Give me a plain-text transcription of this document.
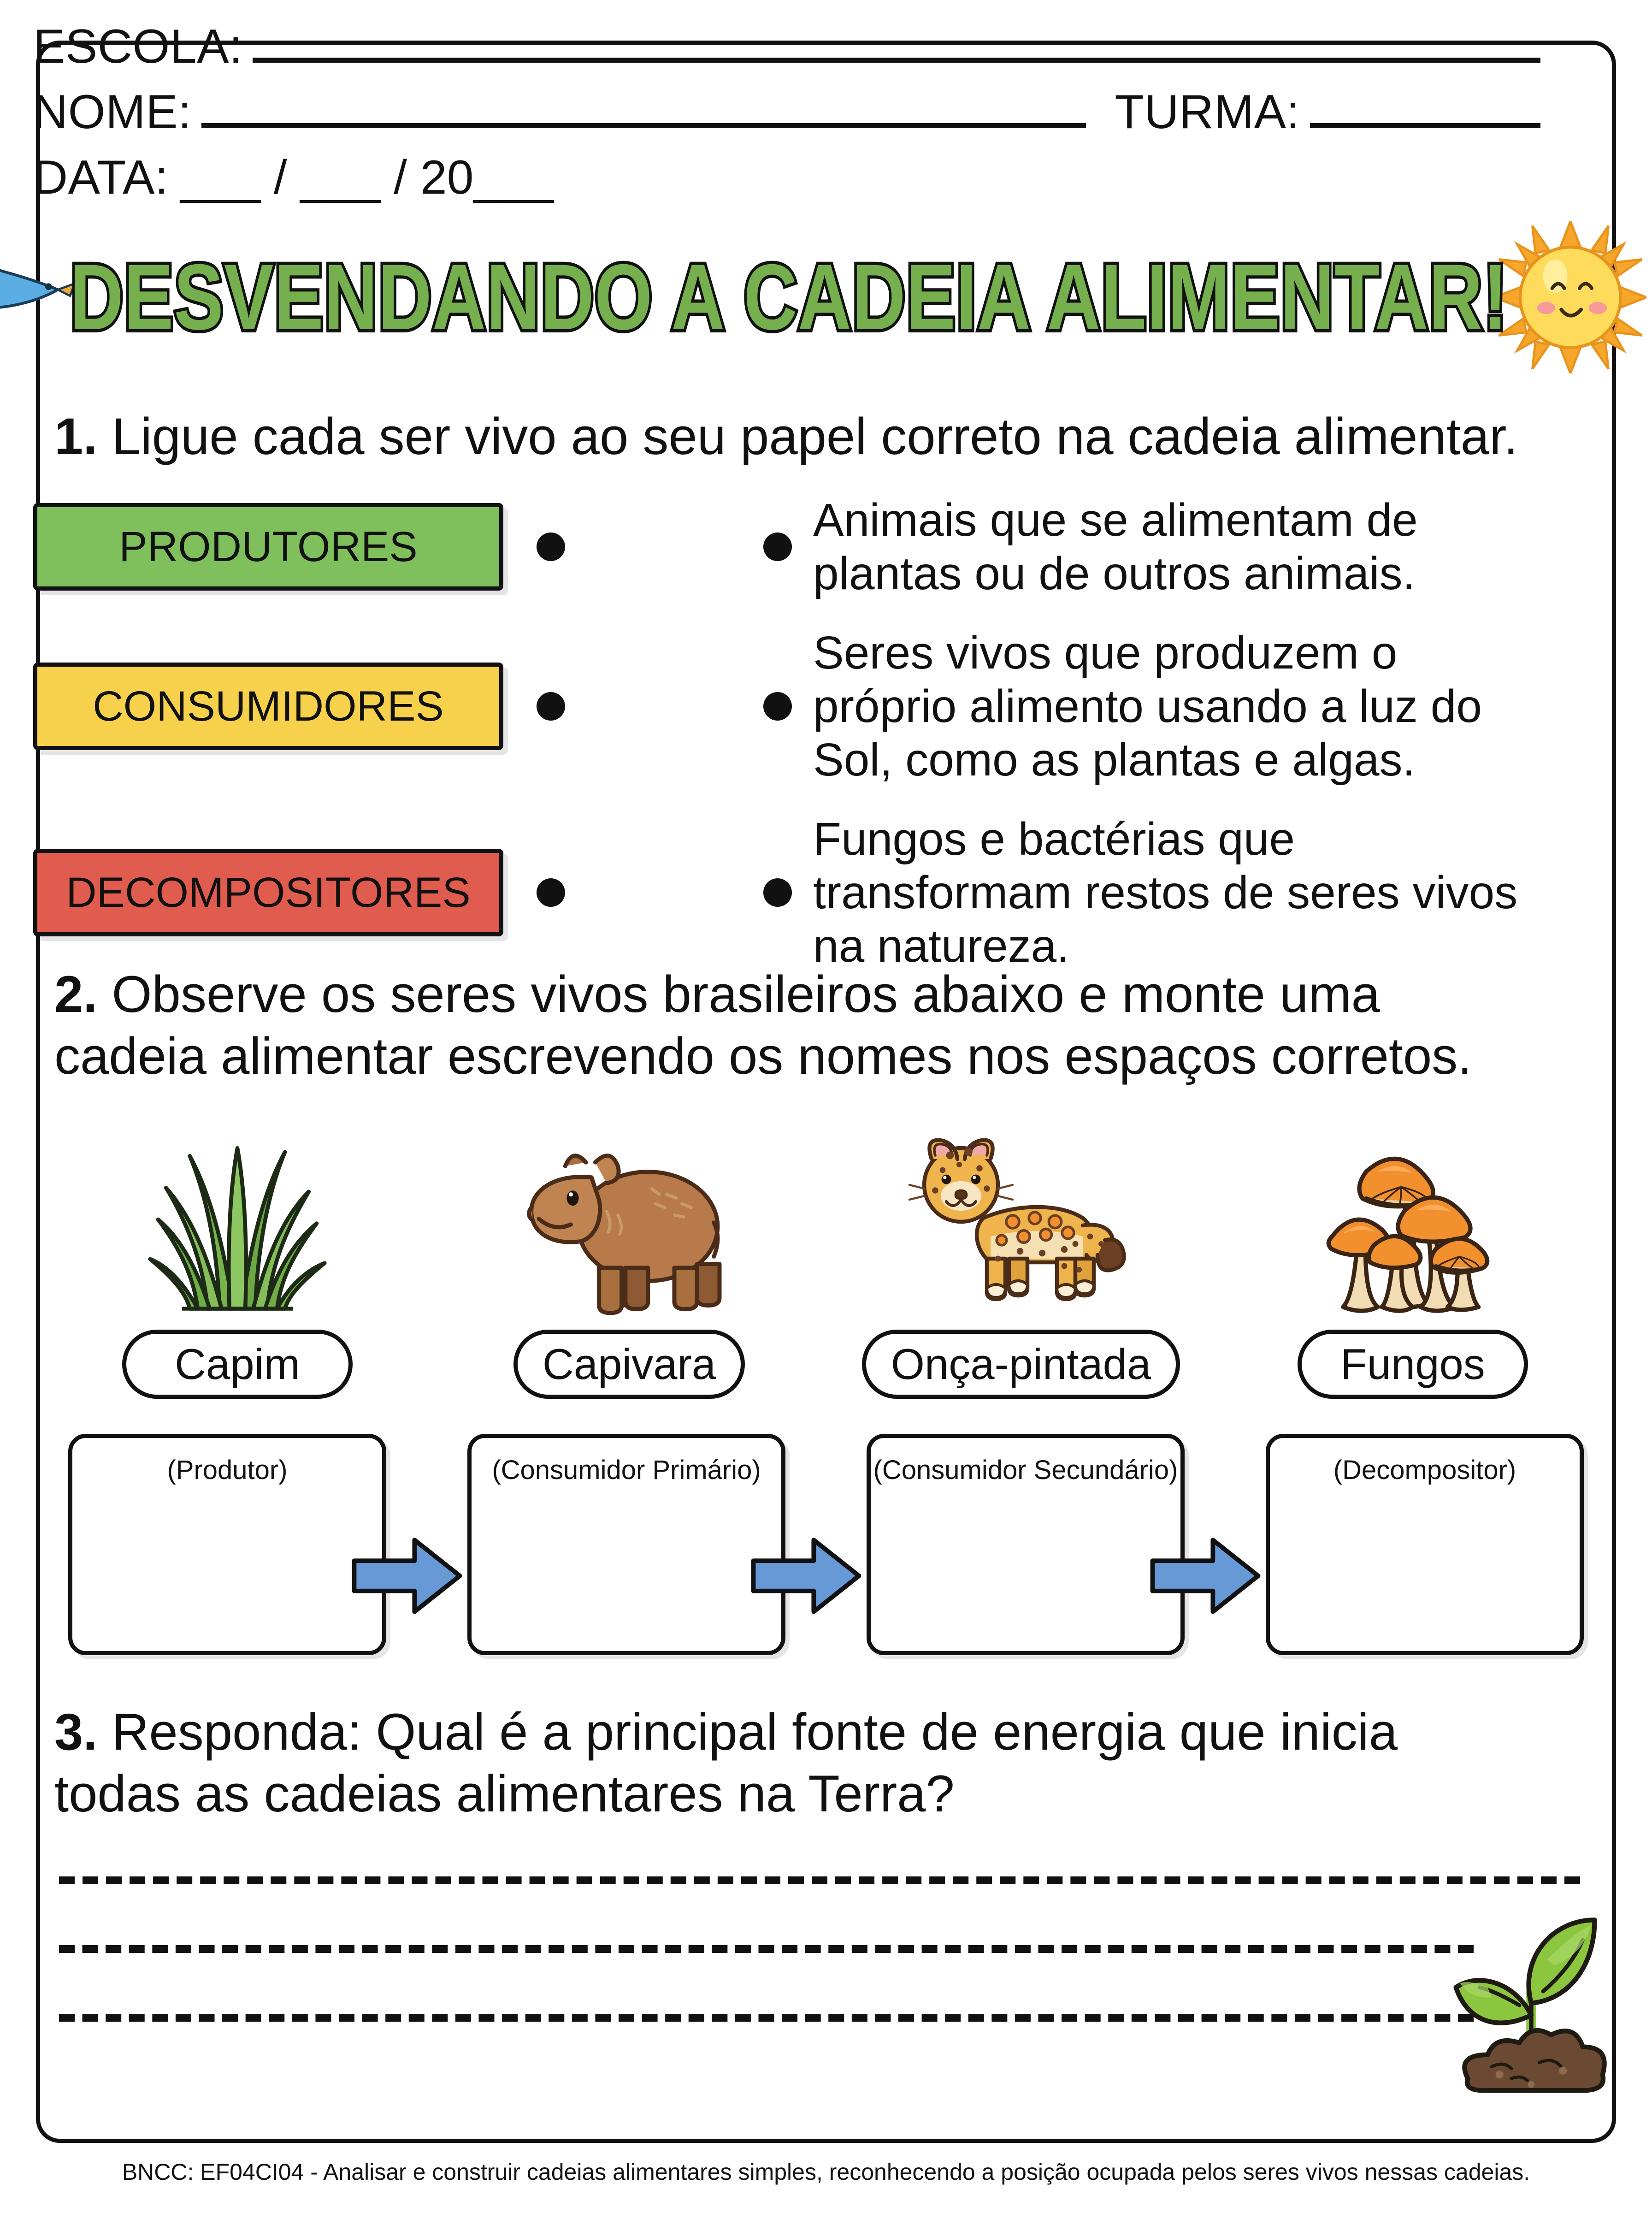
ESCOLA:
NOME:	TURMA:
DATA: ___ / ___ / 20___
DESVENDANDO A CADEIA ALIMENTAR!
1. Ligue cada ser vivo ao seu papel correto na cadeia alimentar.
PRODUTORES
Animais que se alimentam de plantas ou de outros animais.
CONSUMIDORES
Seres vivos que produzem o próprio alimento usando a luz do Sol, como as plantas e algas.
DECOMPOSITORES
Fungos e bactérias que transformam restos de seres vivos na natureza.
2. Observe os seres vivos brasileiros abaixo e monte uma cadeia alimentar escrevendo os nomes nos espaços corretos.
Capim	Capivara	Onça-pintada	Fungos
(Produtor)	(Consumidor Primário)	(Consumidor Secundário)	(Decompositor)
3. Responda: Qual é a principal fonte de energia que inicia todas as cadeias alimentares na Terra?
BNCC: EF04CI04 - Analisar e construir cadeias alimentares simples, reconhecendo a posição ocupada pelos seres vivos nessas cadeias.
